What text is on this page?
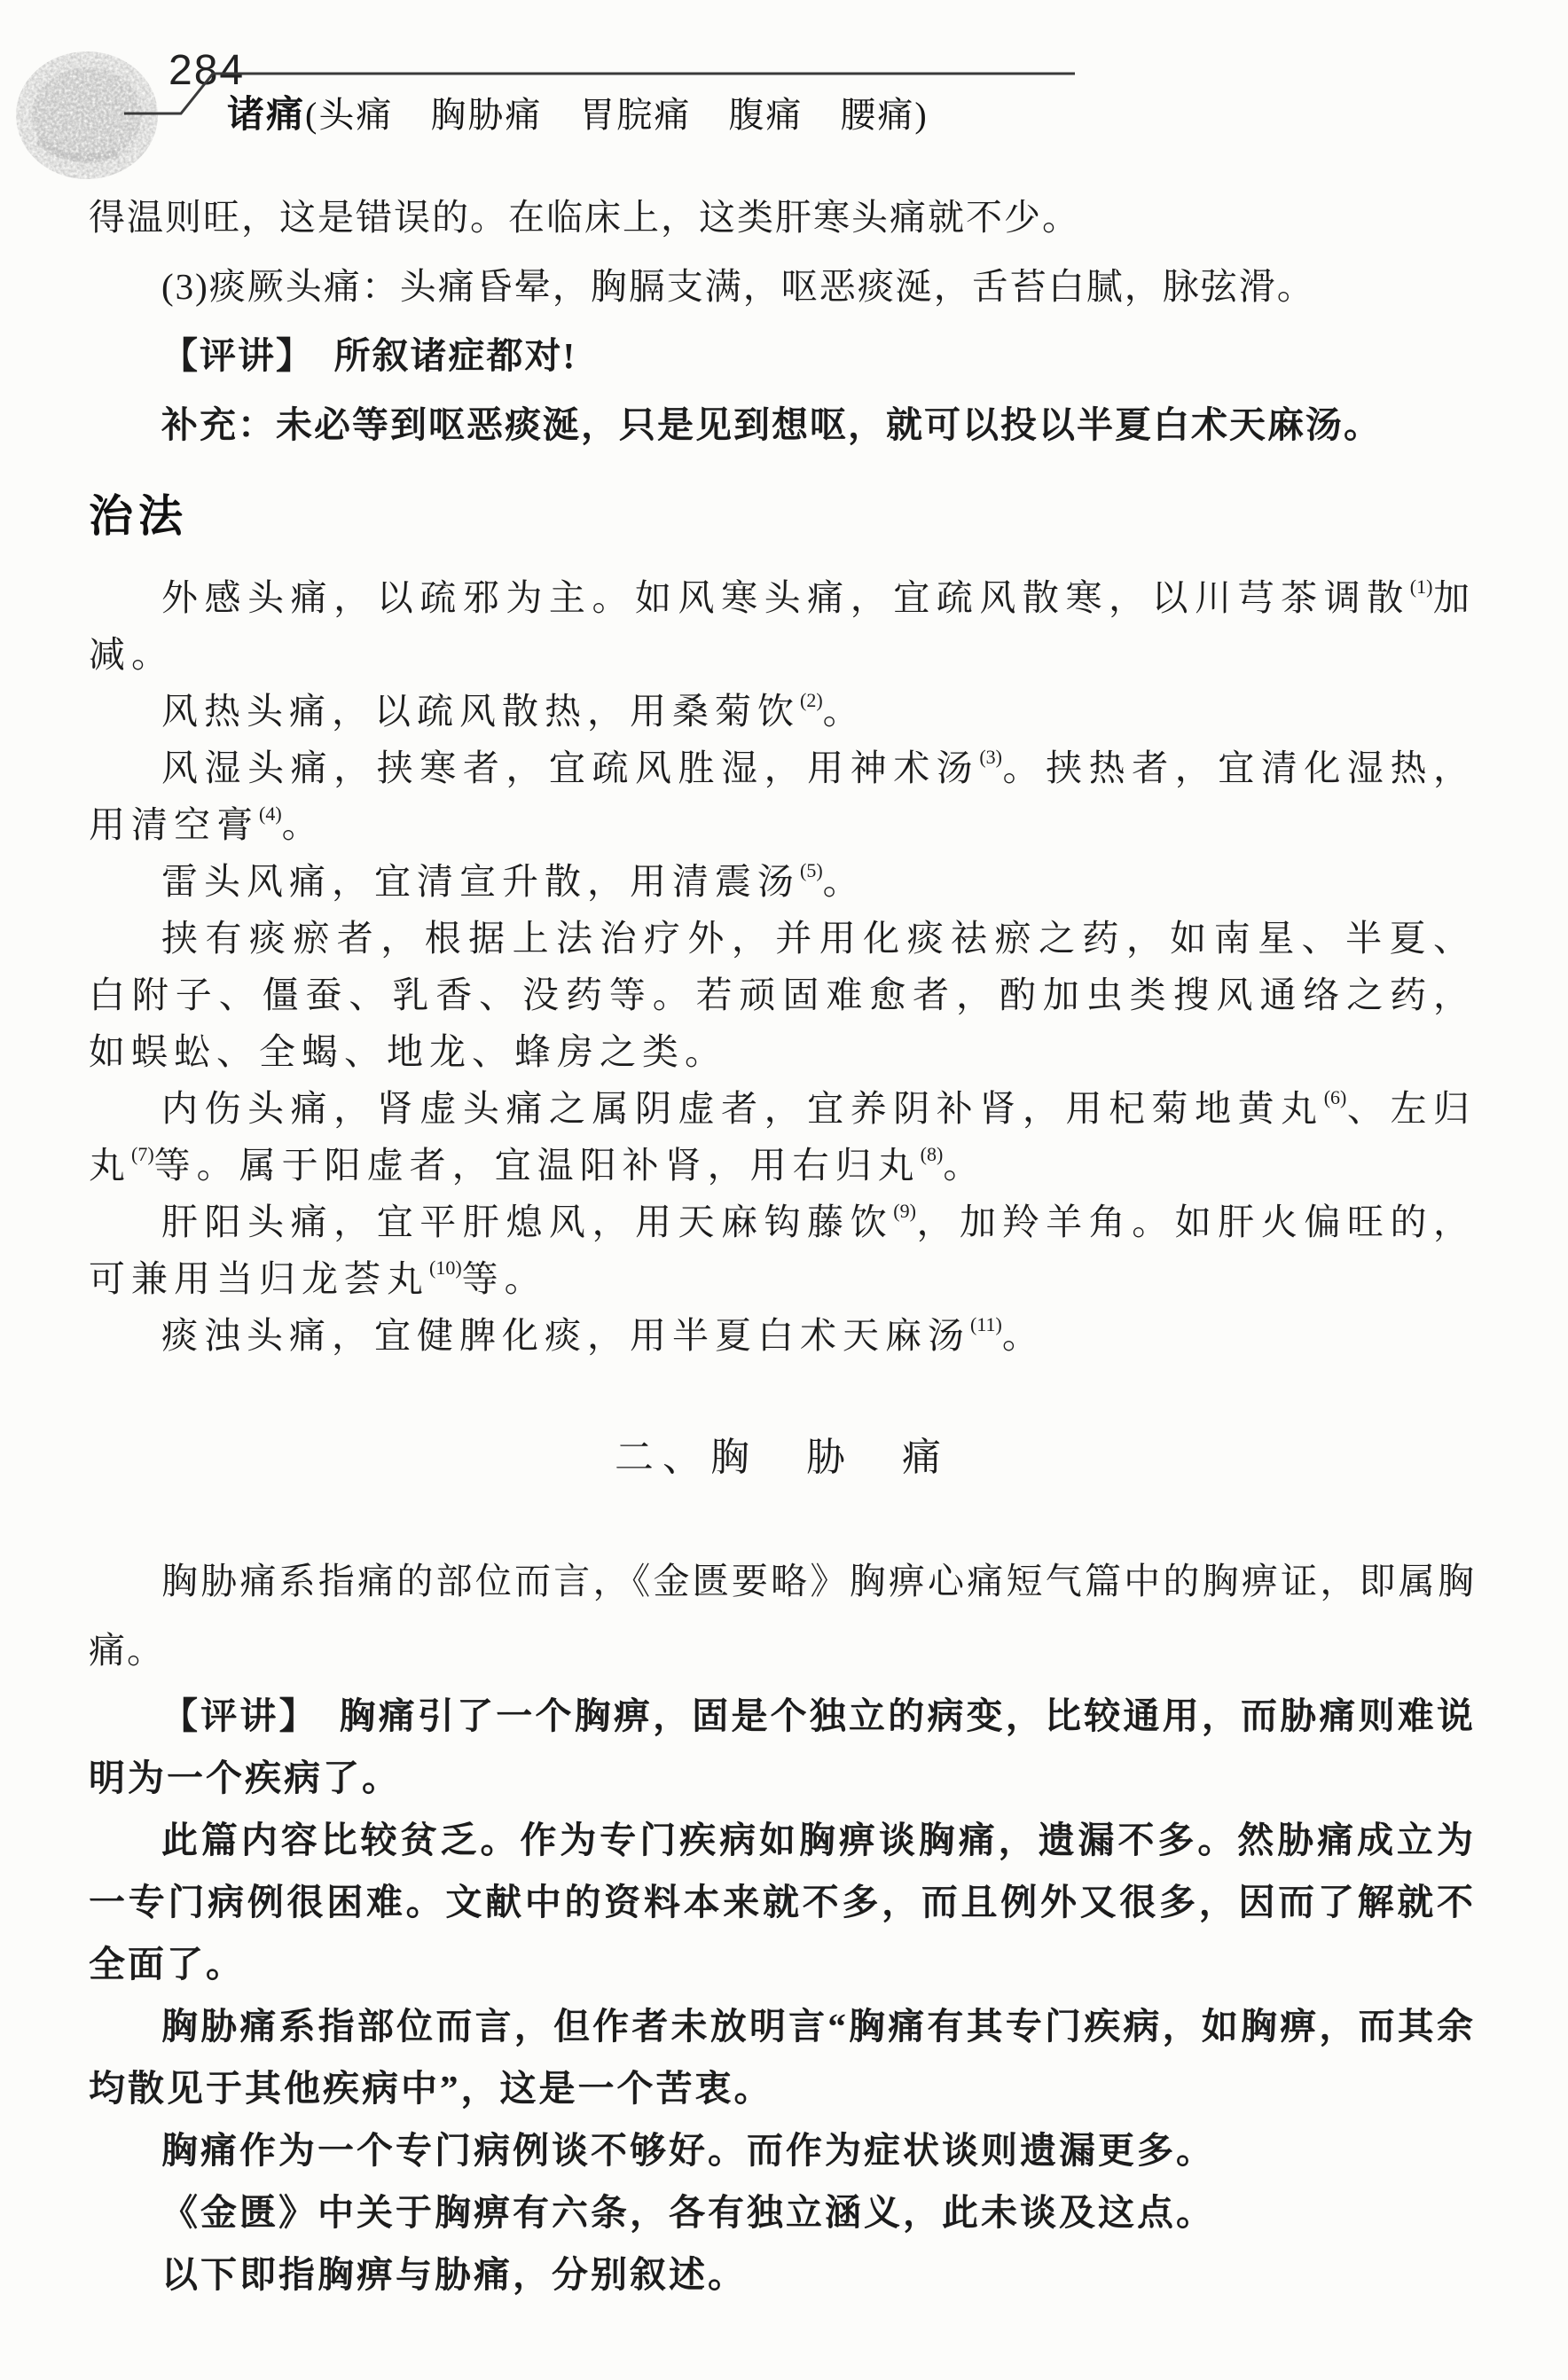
284
诸痛(头痛　胸胁痛　胃脘痛　腹痛　腰痛)

得温则旺，这是错误的。在临床上，这类肝寒头痛就不少。

(3)痰厥头痛：头痛昏晕，胸膈支满，呕恶痰涎，舌苔白腻，脉弦滑。

【评讲】　所叙诸症都对!

补充：未必等到呕恶痰涎，只是见到想呕，就可以投以半夏白术天麻汤。

治法

外感头痛，以疏邪为主。如风寒头痛，宜疏风散寒，以川芎茶调散$^{(1)}$加减。

风热头痛，以疏风散热，用桑菊饮$^{(2)}$。

风湿头痛，挟寒者，宜疏风胜湿，用神术汤$^{(3)}$。挟热者，宜清化湿热，用清空膏$^{(4)}$。

雷头风痛，宜清宣升散，用清震汤$^{(5)}$。

挟有痰瘀者，根据上法治疗外，并用化痰祛瘀之药，如南星、半夏、白附子、僵蚕、乳香、没药等。若顽固难愈者，酌加虫类搜风通络之药，如蜈蚣、全蝎、地龙、蜂房之类。

内伤头痛，肾虚头痛之属阴虚者，宜养阴补肾，用杞菊地黄丸$^{(6)}$、左归丸$^{(7)}$等。属于阳虚者，宜温阳补肾，用右归丸$^{(8)}$。

肝阳头痛，宜平肝熄风，用天麻钩藤饮$^{(9)}$，加羚羊角。如肝火偏旺的，可兼用当归龙荟丸$^{(10)}$等。

痰浊头痛，宜健脾化痰，用半夏白术天麻汤$^{(11)}$。

二、胸　胁　痛

胸胁痛系指痛的部位而言，《金匮要略》胸痹心痛短气篇中的胸痹证，即属胸痛。

【评讲】　胸痛引了一个胸痹，固是个独立的病变，比较通用，而胁痛则难说明为一个疾病了。

此篇内容比较贫乏。作为专门疾病如胸痹谈胸痛，遗漏不多。然胁痛成立为一专门病例很困难。文献中的资料本来就不多，而且例外又很多，因而了解就不全面了。

胸胁痛系指部位而言，但作者未放明言“胸痛有其专门疾病，如胸痹，而其余均散见于其他疾病中”，这是一个苦衷。

胸痛作为一个专门病例谈不够好。而作为症状谈则遗漏更多。

《金匮》中关于胸痹有六条，各有独立涵义，此未谈及这点。

以下即指胸痹与胁痛，分别叙述。
